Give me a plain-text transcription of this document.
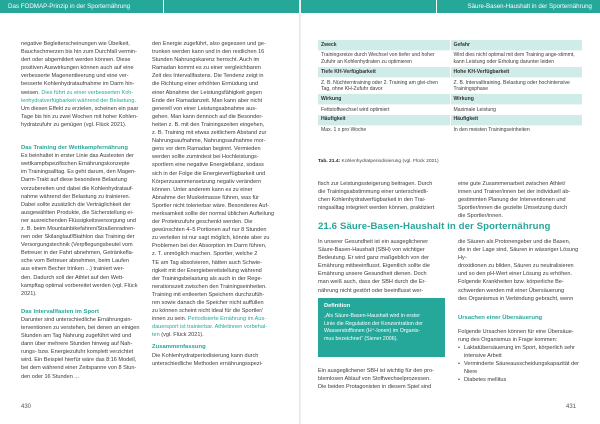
Das FODMAP-Prinzip in der Sporternährung	Säure-Basen-Haushalt in der Sporternährung

negative Begleiterscheinungen wie Übelkeit,

Bauchschmerzen bis hin zum Durchfall vermin-

dert oder abgemildert werden können. Diese

positiven Auswirkungen können auch auf eine

verbesserte Magenentleerung und eine ver-

besserte Kohlenhydrataufnahme im Darm hin-

weisen. Dies führt zu einer verbesserten Koh-

lenhydratverfügbarkeit während der Belastung.

Um diesen Effekt zu erzielen, scheinen ein paar

Tage bis hin zu zwei Wochen mit hoher Kohlen-

hydratzufuhr zu genügen (vgl. Flück 2021).

Das Training der Wettkampfernährung

Es beinhaltet in erster Linie das Austesten der

wettkampfspezifischen Ernährungskonzepte

im Trainingsalltag. Es geht darum, den Magen-

Darm-Trakt auf diese besondere Belastung

vorzubereiten und dabei die Kohlenhydratauf-

nahme während der Belastung zu trainieren.

Dabei sollte zusätzlich die Verträglichkeit der

ausgewählten Produkte, die Sicherstellung ei-

ner ausreichenden Flüssigkeitsversorgung und

z. B. beim Mountainbikefahren/Straßenradren-

nen oder Skilanglauf/Biathlon das Training der

Versorgungstechnik (Verpflegungsbeutel vom

Betreuer in der Fahrt abnehmen, Getränkefla-

sche vom Betreuer abnehmen, beim Laufen

aus einem Becher trinken ...) trainiert wer-

den. Dadurch soll der Athlet auf den Wett-

kampftag optimal vorbereitet werden (vgl. Flück 2021).

Das Intervallfasten im Sport

Darunter sind unterschiedliche Ernährungsin-

terventionen zu verstehen, bei denen an einigen

Stunden am Tag Nahrung zugeführt wird und

dann über mehrere Stunden hinweg auf Nah-

rungs- bzw. Energiezufuhr komplett verzichtet

wird. Ein Beispiel hierfür wäre das 8:16 Modell,

bei dem während einer Zeitspanne von 8 Stun-

den oder 16 Stunden ...

den Energie zugeführt, also gegessen und ge-

trunken werden kann und in den restlichen 16

Stunden Nahrungskarenz herrscht. Auch im

Ramadan kommt es zu einer vergleichbaren

Zeit des Intervallfastens. Die Tendenz zeigt in

die Richtung einer erhöhten Ermüdung und

einer Abnahme der Leistungsfähigkeit gegen

Ende der Ramadanzeit. Man kann aber nicht

generell von einer Leistungsabnahme aus-

gehen. Man kann dennoch auf die Besonder-

heiten z. B. mit den Trainingszeiten eingehen,

z. B. Training mit etwas zeitlichem Abstand zur

Nahrungsaufnahme, Nahrungsaufnahme mor-

gens vor dem Ramadan beginnt. Vermieden

werden sollte zumindest bei Hochleistungs-

sportlern eine negative Energiebilanz, sodass

sich in der Folge die Energieverfügbarkeit und

Körperzusammensetzung negativ verändern

können. Unter anderem kann es zu einer

Abnahme der Muskelmasse führen, was für

Sportler nicht tolerierbar wäre. Besonderes Auf-

merksamkeit sollte der normal üblichen Aufteilung

der Proteinzufuhr geschenkt werden. Die

gewünschten 4–5 Portionen auf nur 8 Stunden

zu verteilen ist nur sagt möglich, könnte aber zu

Problemen bei der Absorption im Darm führen,

z. T. unmöglich machen. Sportler, welche 2

TE am Tag absolvieren, hätten auch Schwie-

rigkeit mit der Energiebereitstellung während

der Trainingsbelastung als auch in der Rege-

nerationszeit zwischen den Trainingseinheiten.

Training mit entleerten Speichern durchzufüh-

ren sowie danach die Speicher nicht auffüllen

zu können scheint nicht ideal für die Sportler/

innen zu sein. Periodisierte Ernährung im Aus-

dauersport ist trainierbar. Athletinnen vorbehal-

ten (vgl. Flück 2021).

Zusammenfassung

Die Kohlenhydratperiodisierung kann durch

unterschiedliche Methoden ernährungsspezi-

430
Zweck	Gefahr
Trainingsreize durch Wechsel von tiefer und hoher Zufuhr an Kohlenhydraten zu optimieren	Wird dies nicht optimal mit dem Training ange-stimmt, kann Leistung oder Erholung darunter leiden
Tiefe KH-Verfügbarkeit	Hohe KH-Verfügbarkeit
Z. B. Nüchterntraining oder 2. Training am glei-chen Tag, ohne KH-Zufuhr davor	Z. B. Intervalltraining, Belastung oder hochintensive Trainingsphase
Wirkung	Wirkung
Fettstoffwechsel wird optimiert	Maximale Leistung
Häufigkeit	Häufigkeit
Max. 1 x pro Woche	In den meisten Trainingseinheiten
Tab. 21.4: Kohlenhydratperiodisierung (vgl. Flück 2021)

fisch zur Leistungssteigerung beitragen. Durch

die Trainingsabstimmung einer unterschiedli-

chen Kohlenhydratverfügbarkeit in den Trai-

ningsalltag integriert werden können, praktiziert

eine gute Zusammenarbeit zwischen Athlet/

innen und Trainer/innen bei der individuell ab-

gestimmten Planung der Interventionen und

Sportler/innen die gezielte Umsetzung durch

die Sportler/innen.

21.6 Säure-Basen-Haushalt in der Sporternährung

In unserer Gesundheit ist ein ausgeglichener

Säure-Basen-Haushalt (SBH) von wichtiger

Bedeutung. Er wird ganz maßgeblich von der

Ernährung mitbeeinflusst. Eigentlich sollte die

Ernährung unsere Gesundheit dienen. Doch

man weiß auch, dass der SBH durch die Er-

nährung nicht gestört oder beeinflusst wer-

Definition

„Als Säure-Basen-Haushalt wird in erster

Linie die Regulation der Konzentration der

Wasserstoffionen (H⁺-Ionen) im Organis-

mus bezeichnet“ (Siener 2006).

Ein ausgeglichener SBH ist wichtig für den pro-

blemlosen Ablauf von Stoffwechselprozessen.

Die beiden Protagonisten in diesem Spiel sind

die Säuren als Protonengeber und die Basen,

die in der Lage sind, Säuren in wässriger Lösung Hy-

droxidionen zu bilden, Säuren zu neutralisieren

und so den pH-Wert einer Lösung zu erhöhen.

Folgende Krankheiten bzw. körperliche Be-

schwerden werden mit einer Übersäuerung

des Organismus in Verbindung gebracht, wenn

Ursachen einer Übersäuerung

Folgende Ursachen können für eine Übersäue-

rung des Organismus in Frage kommen:

• Laktatübersäuerung im Sport, körperlich sehr intensive Arbeit
• Verminderte Säureausscheidungskapazität der Niere
• Diabetes mellitus
431
